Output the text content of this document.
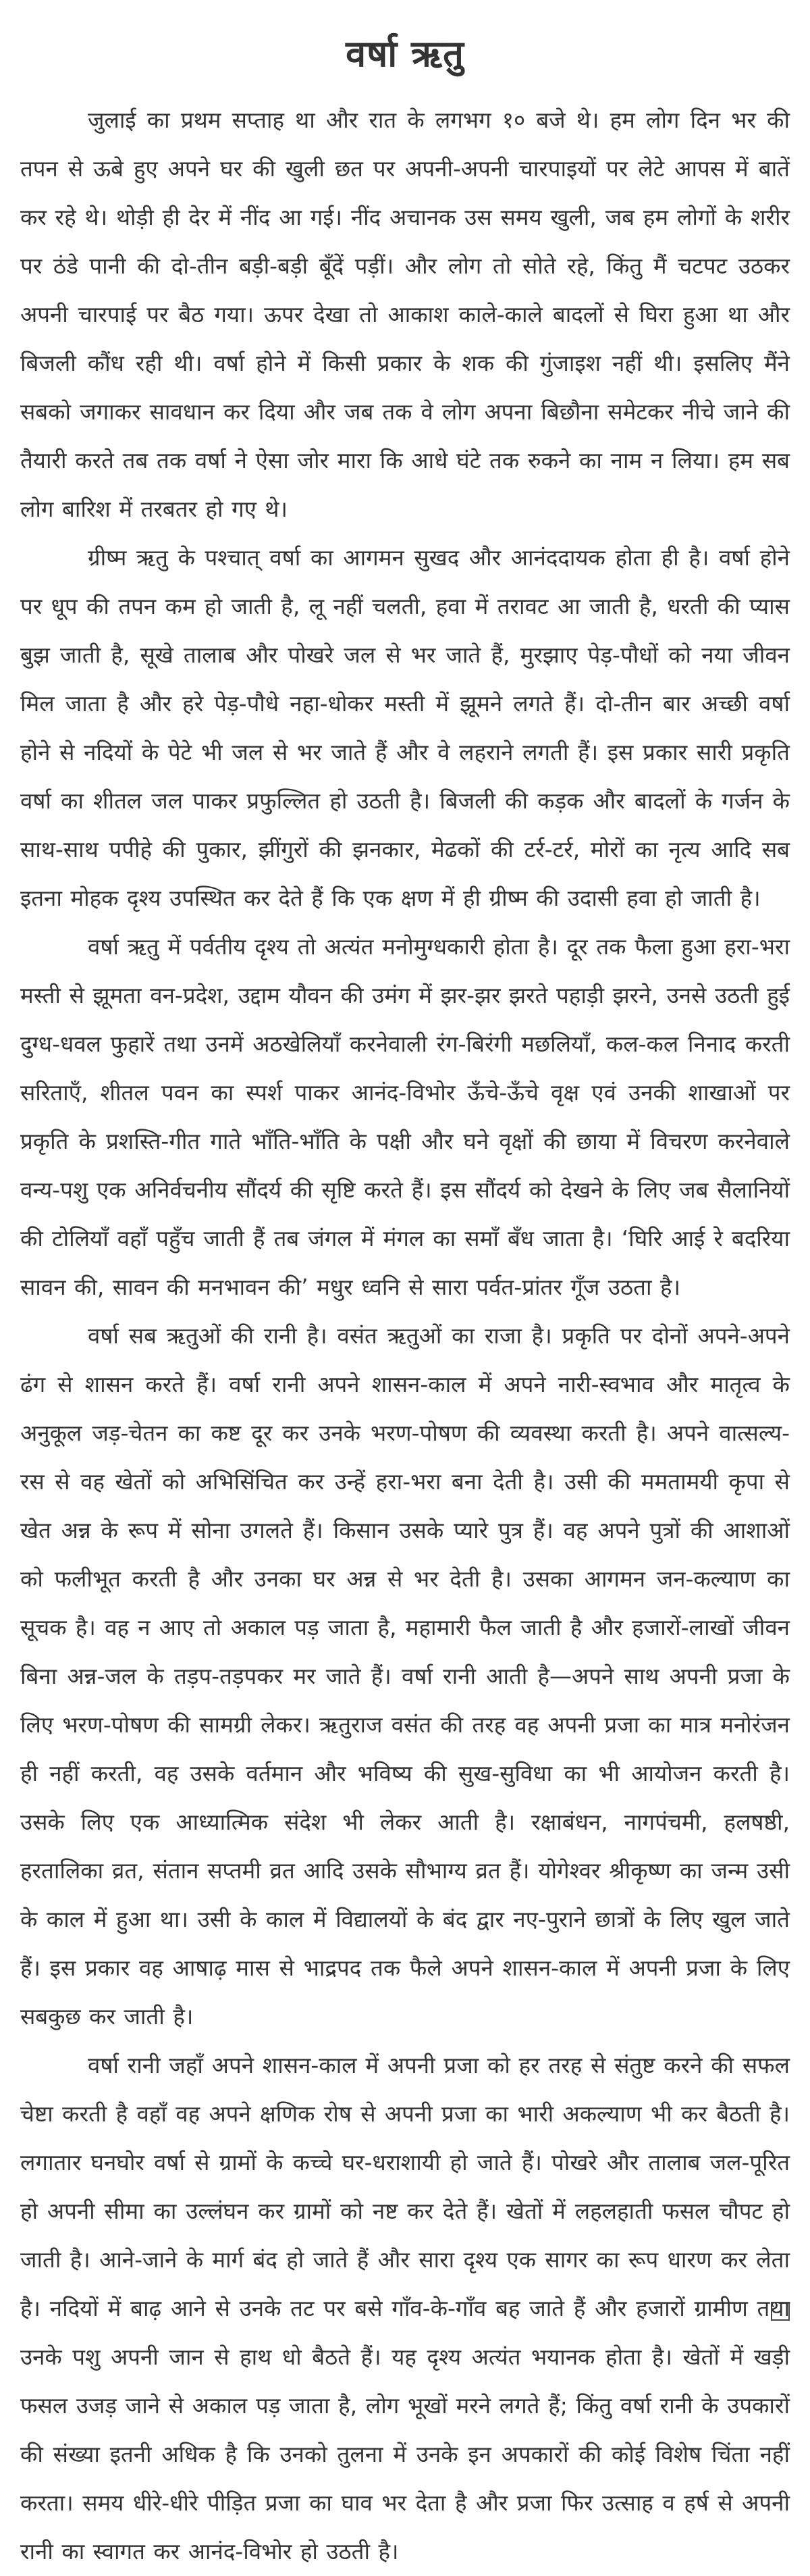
वर्षा ऋतु

जुलाई का प्रथम सप्ताह था और रात के लगभग १० बजे थे। हम लोग दिन भर की तपन से ऊबे हुए अपने घर की खुली छत पर अपनी-अपनी चारपाइयों पर लेटे आपस में बातें कर रहे थे। थोड़ी ही देर में नींद आ गई। नींद अचानक उस समय खुली, जब हम लोगों के शरीर पर ठंडे पानी की दो-तीन बड़ी-बड़ी बूँदें पड़ीं। और लोग तो सोते रहे, किंतु मैं चटपट उठकर अपनी चारपाई पर बैठ गया। ऊपर देखा तो आकाश काले-काले बादलों से घिरा हुआ था और बिजली कौंध रही थी। वर्षा होने में किसी प्रकार के शक की गुंजाइश नहीं थी। इसलिए मैंने सबको जगाकर सावधान कर दिया और जब तक वे लोग अपना बिछौना समेटकर नीचे जाने की तैयारी करते तब तक वर्षा ने ऐसा जोर मारा कि आधे घंटे तक रुकने का नाम न लिया। हम सब लोग बारिश में तरबतर हो गए थे।

ग्रीष्म ऋतु के पश्चात् वर्षा का आगमन सुखद और आनंददायक होता ही है। वर्षा होने पर धूप की तपन कम हो जाती है, लू नहीं चलती, हवा में तरावट आ जाती है, धरती की प्यास बुझ जाती है, सूखे तालाब और पोखरे जल से भर जाते हैं, मुरझाए पेड़-पौधों को नया जीवन मिल जाता है और हरे पेड़-पौधे नहा-धोकर मस्ती में झूमने लगते हैं। दो-तीन बार अच्छी वर्षा होने से नदियों के पेटे भी जल से भर जाते हैं और वे लहराने लगती हैं। इस प्रकार सारी प्रकृति वर्षा का शीतल जल पाकर प्रफुल्लित हो उठती है। बिजली की कड़क और बादलों के गर्जन के साथ-साथ पपीहे की पुकार, झींगुरों की झनकार, मेढकों की टर्र-टर्र, मोरों का नृत्य आदि सब इतना मोहक दृश्य उपस्थित कर देते हैं कि एक क्षण में ही ग्रीष्म की उदासी हवा हो जाती है।

वर्षा ऋतु में पर्वतीय दृश्य तो अत्यंत मनोमुग्धकारी होता है। दूर तक फैला हुआ हरा-भरा मस्ती से झूमता वन-प्रदेश, उद्दाम यौवन की उमंग में झर-झर झरते पहाड़ी झरने, उनसे उठती हुई दुग्ध-धवल फुहारें तथा उनमें अठखेलियाँ करनेवाली रंग-बिरंगी मछलियाँ, कल-कल निनाद करती सरिताएँ, शीतल पवन का स्पर्श पाकर आनंद-विभोर ऊँचे-ऊँचे वृक्ष एवं उनकी शाखाओं पर प्रकृति के प्रशस्ति-गीत गाते भाँति-भाँति के पक्षी और घने वृक्षों की छाया में विचरण करनेवाले वन्य-पशु एक अनिर्वचनीय सौंदर्य की सृष्टि करते हैं। इस सौंदर्य को देखने के लिए जब सैलानियों की टोलियाँ वहाँ पहुँच जाती हैं तब जंगल में मंगल का समाँ बँध जाता है। ‘घिरि आई रे बदरिया सावन की, सावन की मनभावन की’ मधुर ध्वनि से सारा पर्वत-प्रांतर गूँज उठता है।

वर्षा सब ऋतुओं की रानी है। वसंत ऋतुओं का राजा है। प्रकृति पर दोनों अपने-अपने ढंग से शासन करते हैं। वर्षा रानी अपने शासन-काल में अपने नारी-स्वभाव और मातृत्व के अनुकूल जड़-चेतन का कष्ट दूर कर उनके भरण-पोषण की व्यवस्था करती है। अपने वात्सल्य-रस से वह खेतों को अभिसिंचित कर उन्हें हरा-भरा बना देती है। उसी की ममतामयी कृपा से खेत अन्न के रूप में सोना उगलते हैं। किसान उसके प्यारे पुत्र हैं। वह अपने पुत्रों की आशाओं को फलीभूत करती है और उनका घर अन्न से भर देती है। उसका आगमन जन-कल्याण का सूचक है। वह न आए तो अकाल पड़ जाता है, महामारी फैल जाती है और हजारों-लाखों जीवन बिना अन्न-जल के तड़प-तड़पकर मर जाते हैं। वर्षा रानी आती है—अपने साथ अपनी प्रजा के लिए भरण-पोषण की सामग्री लेकर। ऋतुराज वसंत की तरह वह अपनी प्रजा का मात्र मनोरंजन ही नहीं करती, वह उसके वर्तमान और भविष्य की सुख-सुविधा का भी आयोजन करती है। उसके लिए एक आध्यात्मिक संदेश भी लेकर आती है। रक्षाबंधन, नागपंचमी, हलषष्ठी, हरतालिका व्रत, संतान सप्तमी व्रत आदि उसके सौभाग्य व्रत हैं। योगेश्वर श्रीकृष्ण का जन्म उसी के काल में हुआ था। उसी के काल में विद्यालयों के बंद द्वार नए-पुराने छात्रों के लिए खुल जाते हैं। इस प्रकार वह आषाढ़ मास से भाद्रपद तक फैले अपने शासन-काल में अपनी प्रजा के लिए सबकुछ कर जाती है।

वर्षा रानी जहाँ अपने शासन-काल में अपनी प्रजा को हर तरह से संतुष्ट करने की सफल चेष्टा करती है वहाँ वह अपने क्षणिक रोष से अपनी प्रजा का भारी अकल्याण भी कर बैठती है। लगातार घनघोर वर्षा से ग्रामों के कच्चे घर-धराशायी हो जाते हैं। पोखरे और तालाब जल-पूरित हो अपनी सीमा का उल्लंघन कर ग्रामों को नष्ट कर देते हैं। खेतों में लहलहाती फसल चौपट हो जाती है। आने-जाने के मार्ग बंद हो जाते हैं और सारा दृश्य एक सागर का रूप धारण कर लेता है। नदियों में बाढ़ आने से उनके तट पर बसे गाँव-के-गाँव बह जाते हैं और हजारों ग्रामीण तथा उनके पशु अपनी जान से हाथ धो बैठते हैं। यह दृश्य अत्यंत भयानक होता है। खेतों में खड़ी फसल उजड़ जाने से अकाल पड़ जाता है, लोग भूखों मरने लगते हैं; किंतु वर्षा रानी के उपकारों की संख्या इतनी अधिक है कि उनको तुलना में उनके इन अपकारों की कोई विशेष चिंता नहीं करता। समय धीरे-धीरे पीड़ित प्रजा का घाव भर देता है और प्रजा फिर उत्साह व हर्ष से अपनी रानी का स्वागत कर आनंद-विभोर हो उठती है।
